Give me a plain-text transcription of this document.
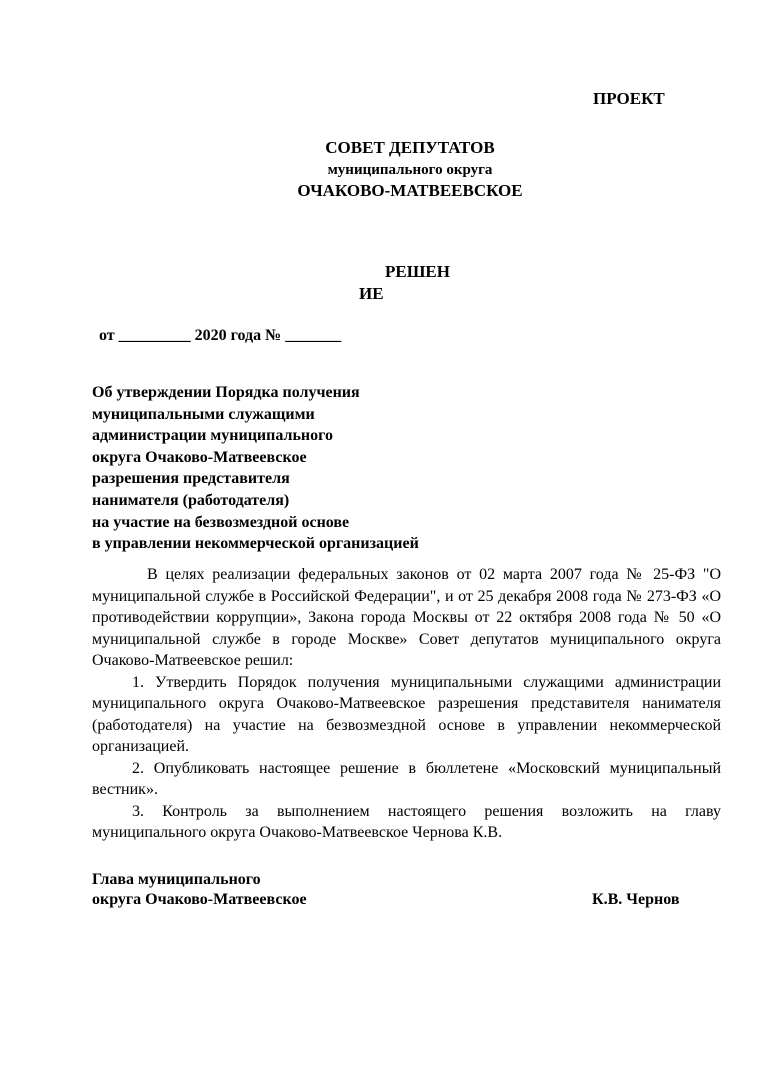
ПРОЕКТ

СОВЕТ ДЕПУТАТОВ

муниципального округа

ОЧАКОВО-МАТВЕЕВСКОЕ

РЕШЕН

ИЕ

от _________ 2020 года № _______

Об утверждении Порядка получения
муниципальными служащими
администрации муниципального
округа Очаково-Матвеевское
разрешения представителя
нанимателя (работодателя)
на участие на безвозмездной основе
в управлении некоммерческой организацией

В целях реализации федеральных законов от 02 марта 2007 года № 25-ФЗ "О муниципальной службе в Российской Федерации", и от 25 декабря 2008 года № 273-ФЗ «О противодействии коррупции», Закона города Москвы от 22 октября 2008 года № 50 «О муниципальной службе в городе Москве» Совет депутатов муниципального округа Очаково-Матвеевское решил:

1. Утвердить Порядок получения муниципальными служащими администрации муниципального округа Очаково-Матвеевское разрешения представителя нанимателя (работодателя) на участие на безвозмездной основе в управлении некоммерческой организацией.

2. Опубликовать настоящее решение в бюллетене «Московский муниципальный вестник».

3. Контроль за выполнением настоящего решения возложить на главу муниципального округа Очаково-Матвеевское Чернова К.В.

Глава муниципального

округа Очаково-Матвеевское	К.В. Чернов
